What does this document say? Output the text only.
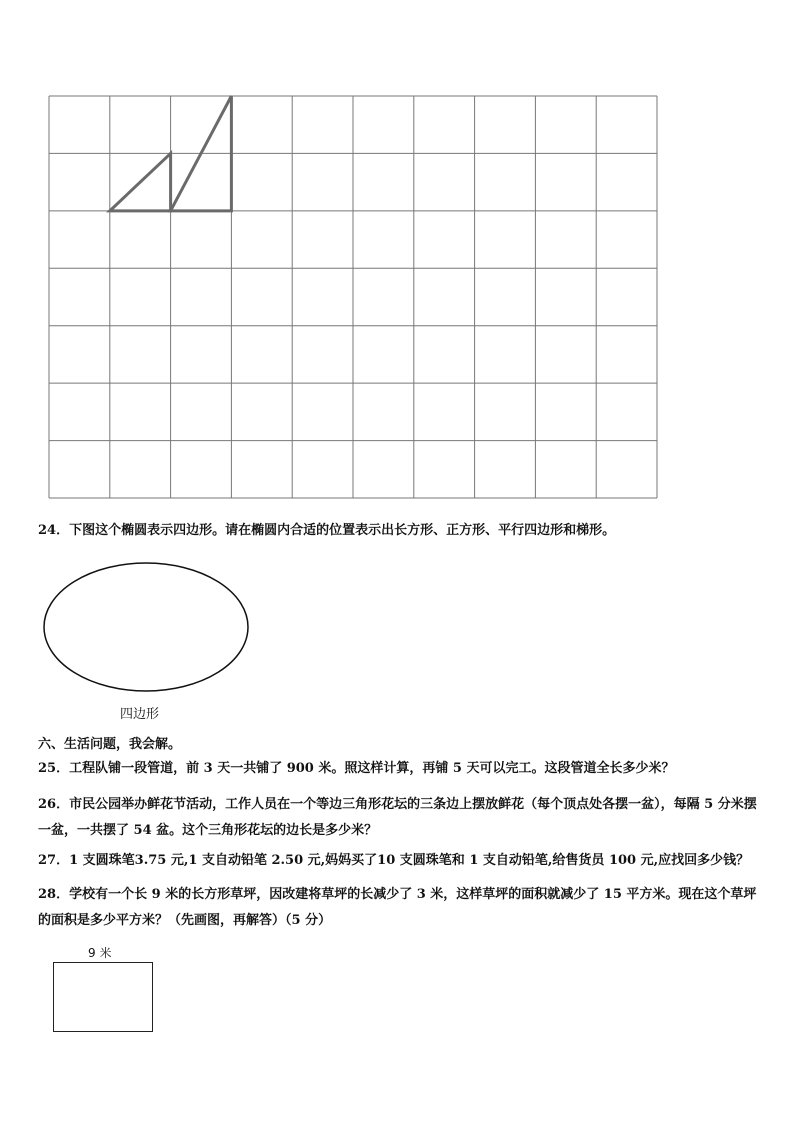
24．下图这个椭圆表示四边形。请在椭圆内合适的位置表示出长方形、正方形、平行四边形和梯形。
四边形
六、生活问题，我会解。
25．工程队铺一段管道，前 3 天一共铺了 900 米。照这样计算，再铺 5 天可以完工。这段管道全长多少米？
26．市民公园举办鲜花节活动，工作人员在一个等边三角形花坛的三条边上摆放鲜花（每个顶点处各摆一盆），每隔 5 分米摆一盆，一共摆了 54 盆。这个三角形花坛的边长是多少米？
27．1 支圆珠笔3.75 元,1 支自动铅笔 2.50 元,妈妈买了10 支圆珠笔和 1 支自动铅笔,给售货员 100 元,应找回多少钱？
28．学校有一个长 9 米的长方形草坪，因改建将草坪的长减少了 3 米，这样草坪的面积就减少了 15 平方米。现在这个草坪的面积是多少平方米？（先画图，再解答）（5 分）
9 米
